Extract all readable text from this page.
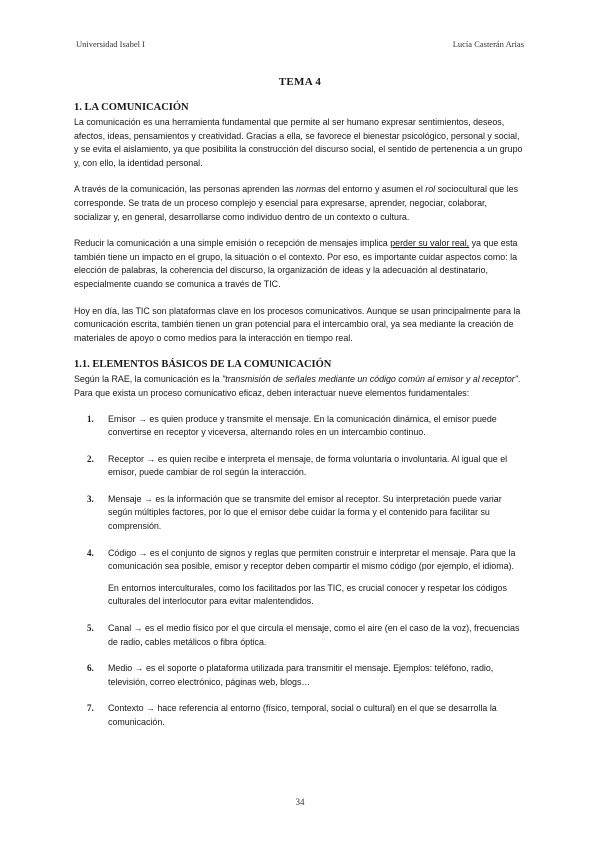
Universidad Isabel I	Lucía Casterán Arias
TEMA 4
1. LA COMUNICACIÓN

La comunicación es una herramienta fundamental que permite al ser humano expresar sentimientos, deseos, afectos, ideas, pensamientos y creatividad. Gracias a ella, se favorece el bienestar psicológico, personal y social, y se evita el aislamiento, ya que posibilita la construcción del discurso social, el sentido de pertenencia a un grupo y, con ello, la identidad personal.

A través de la comunicación, las personas aprenden las normas del entorno y asumen el rol sociocultural que les corresponde. Se trata de un proceso complejo y esencial para expresarse, aprender, negociar, colaborar, socializar y, en general, desarrollarse como individuo dentro de un contexto o cultura.

Reducir la comunicación a una simple emisión o recepción de mensajes implica perder su valor real, ya que esta también tiene un impacto en el grupo, la situación o el contexto. Por eso, es importante cuidar aspectos como: la elección de palabras, la coherencia del discurso, la organización de ideas y la adecuación al destinatario, especialmente cuando se comunica a través de TIC.

Hoy en día, las TIC son plataformas clave en los procesos comunicativos. Aunque se usan principalmente para la comunicación escrita, también tienen un gran potencial para el intercambio oral, ya sea mediante la creación de materiales de apoyo o como medios para la interacción en tiempo real.

1.1. ELEMENTOS BÁSICOS DE LA COMUNICACIÓN

Según la RAE, la comunicación es la "transmisión de señales mediante un código común al emisor y al receptor". Para que exista un proceso comunicativo eficaz, deben interactuar nueve elementos fundamentales:

1. Emisor → es quien produce y transmite el mensaje. En la comunicación dinámica, el emisor puede convertirse en receptor y viceversa, alternando roles en un intercambio continuo.

2. Receptor → es quien recibe e interpreta el mensaje, de forma voluntaria o involuntaria. Al igual que el emisor, puede cambiar de rol según la interacción.

3. Mensaje → es la información que se transmite del emisor al receptor. Su interpretación puede variar según múltiples factores, por lo que el emisor debe cuidar la forma y el contenido para facilitar su comprensión.

4. Código → es el conjunto de signos y reglas que permiten construir e interpretar el mensaje. Para que la comunicación sea posible, emisor y receptor deben compartir el mismo código (por ejemplo, el idioma).

En entornos interculturales, como los facilitados por las TIC, es crucial conocer y respetar los códigos culturales del interlocutor para evitar malentendidos.

5. Canal → es el medio físico por el que circula el mensaje, como el aire (en el caso de la voz), frecuencias de radio, cables metálicos o fibra óptica.

6. Medio → es el soporte o plataforma utilizada para transmitir el mensaje. Ejemplos: teléfono, radio, televisión, correo electrónico, páginas web, blogs…

7. Contexto → hace referencia al entorno (físico, temporal, social o cultural) en el que se desarrolla la comunicación.

34
